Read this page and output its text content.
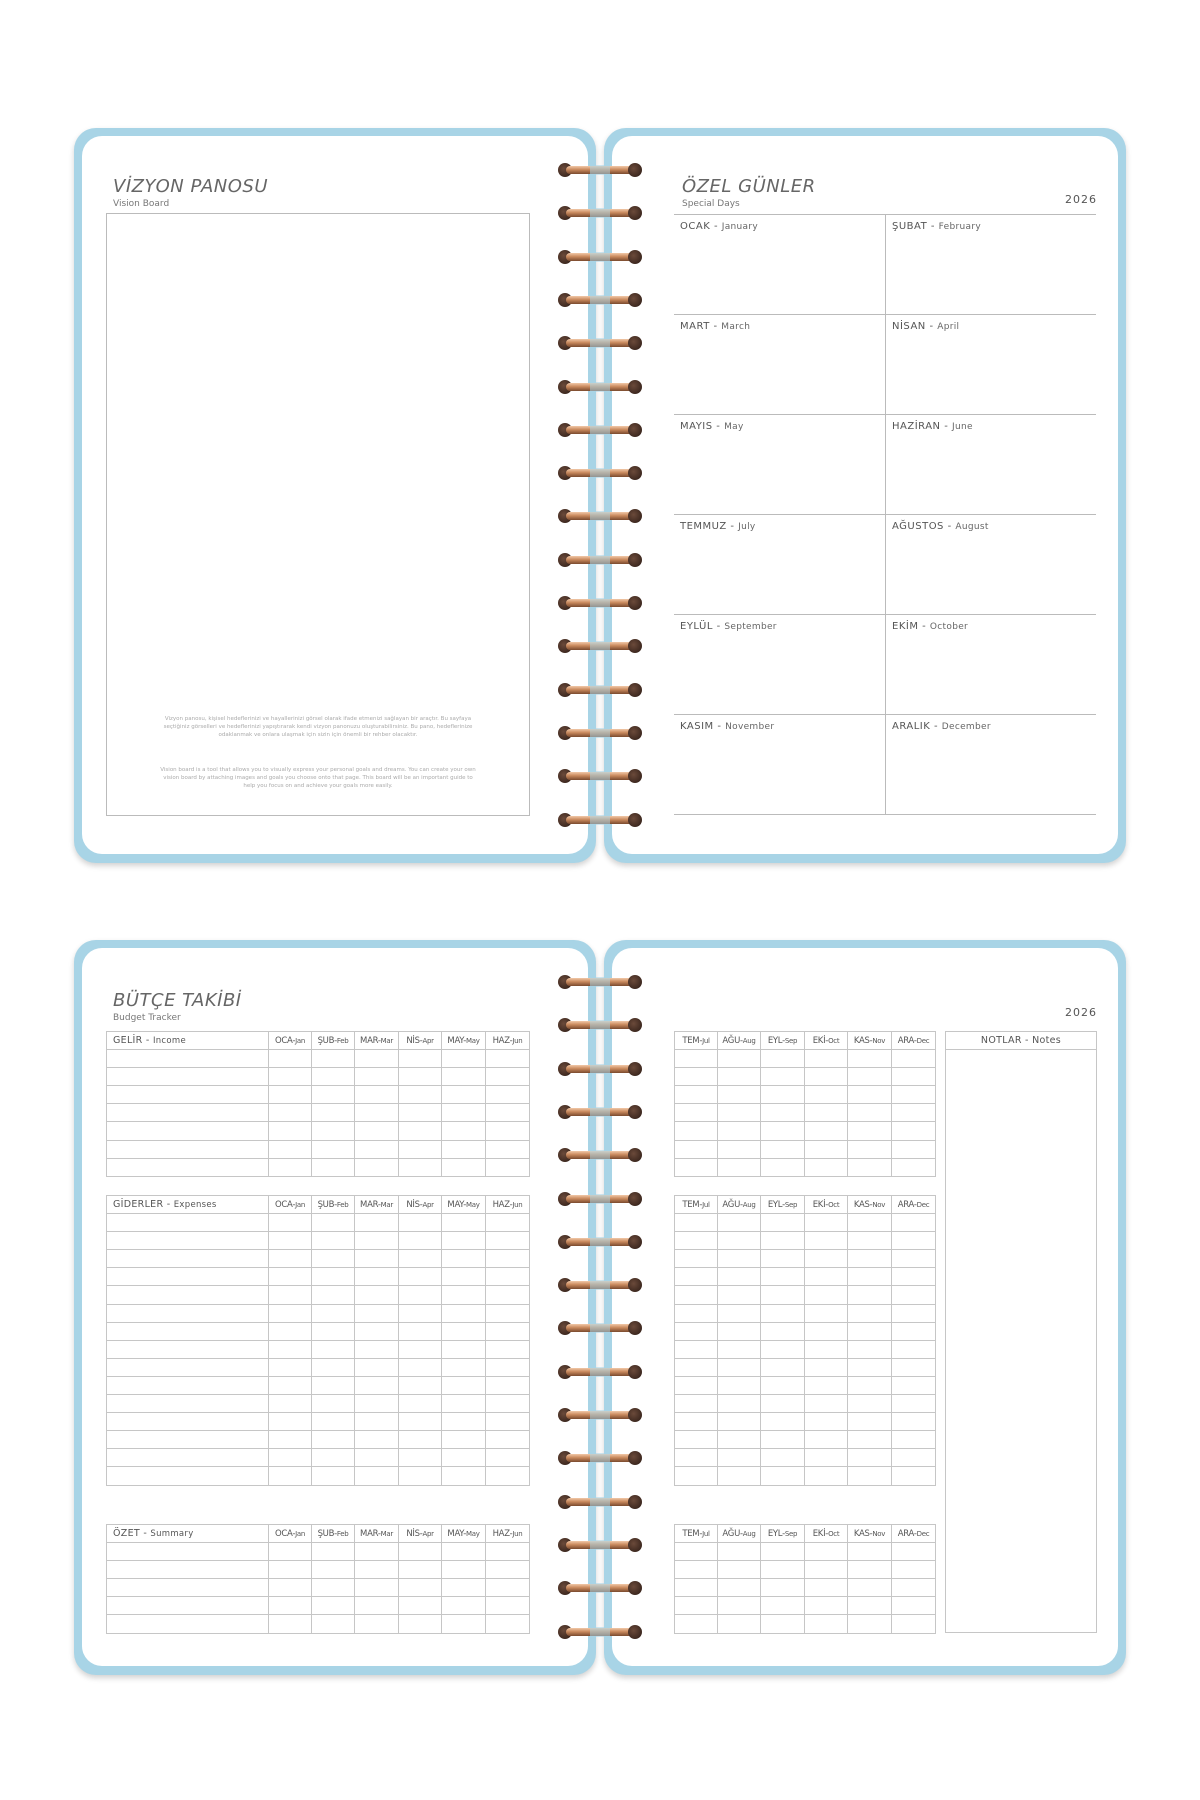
VİZYON PANOSU
Vision Board
Vizyon panosu, kişisel hedeflerinizi ve hayallerinizi görsel olarak ifade etmenizi sağlayan bir araçtır. Bu sayfaya seçtiğiniz görselleri ve hedeflerinizi yapıştırarak kendi vizyon panonuzu oluşturabilirsiniz. Bu pano, hedeflerinize odaklanmak ve onlara ulaşmak için sizin için önemli bir rehber olacaktır.
Vision board is a tool that allows you to visually express your personal goals and dreams. You can create your own vision board by attaching images and goals you choose onto that page. This board will be an important guide to help you focus on and achieve your goals more easily.
ÖZEL GÜNLER
Special Days	2026
OCAK - January	ŞUBAT - February
MART - March	NİSAN - April
MAYIS - May	HAZİRAN - June
TEMMUZ - July	AĞUSTOS - August
EYLÜL - September	EKİM - October
KASIM - November	ARALIK - December
BÜTÇE TAKİBİ
Budget Tracker	2026
GELİR - Income	OCA-Jan	ŞUB-Feb	MAR-Mar	NİS-Apr	MAY-May	HAZ-Jun

GİDERLER - Expenses	OCA-Jan	ŞUB-Feb	MAR-Mar	NİS-Apr	MAY-May	HAZ-Jun

ÖZET - Summary	OCA-Jan	ŞUB-Feb	MAR-Mar	NİS-Apr	MAY-May	HAZ-Jun

TEM-Jul	AĞU-Aug	EYL-Sep	EKİ-Oct	KAS-Nov	ARA-Dec

TEM-Jul	AĞU-Aug	EYL-Sep	EKİ-Oct	KAS-Nov	ARA-Dec

TEM-Jul	AĞU-Aug	EYL-Sep	EKİ-Oct	KAS-Nov	ARA-Dec

NOTLAR - Notes
